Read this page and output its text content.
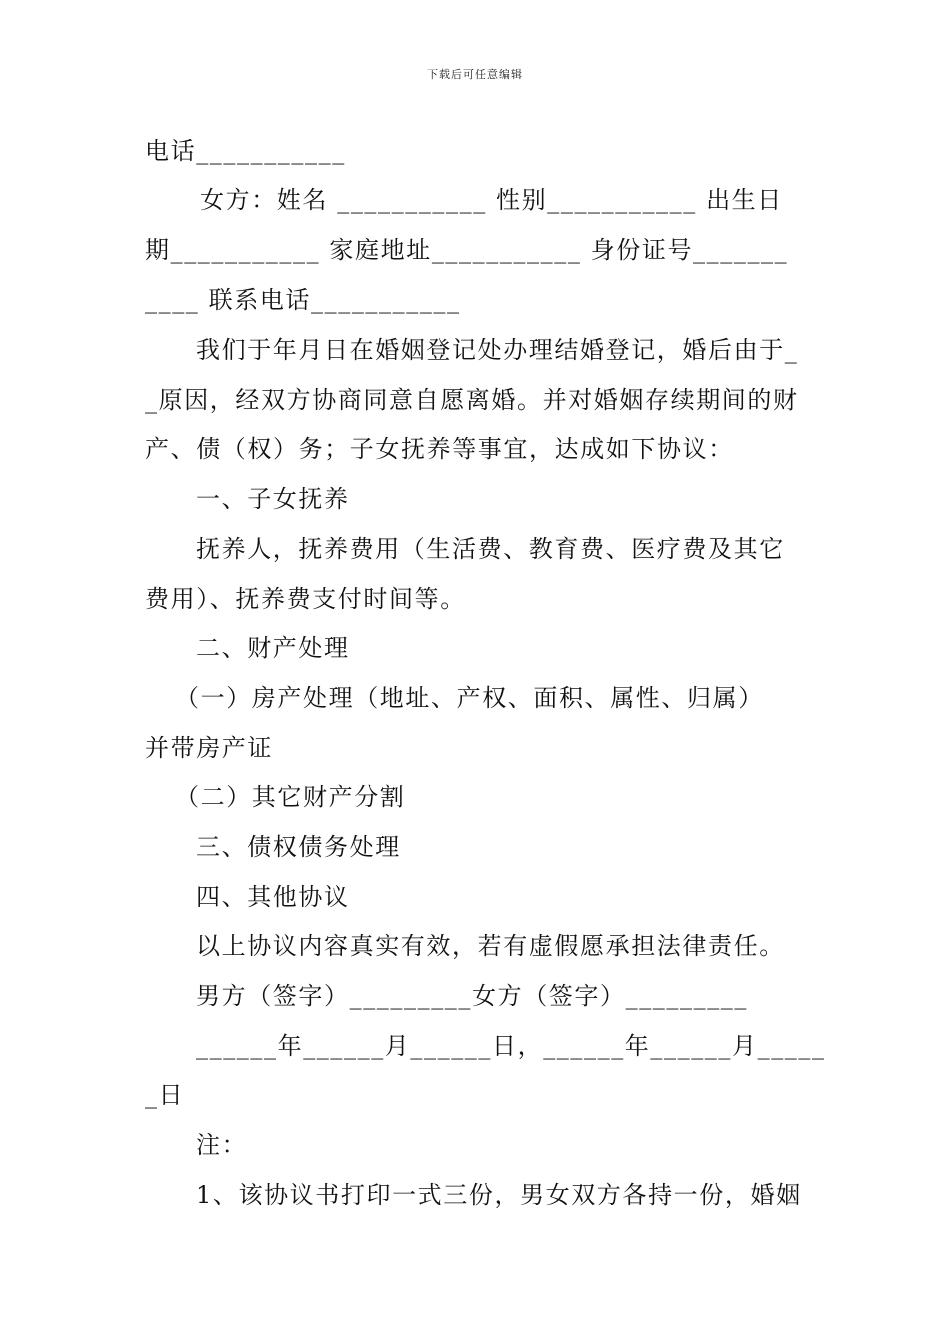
下载后可任意编辑
电话___________
女方：姓名 ___________ 性别___________ 出生日
期___________ 家庭地址___________ 身份证号_______
____ 联系电话___________
我们于年月日在婚姻登记处办理结婚登记，婚后由于_
_原因，经双方协商同意自愿离婚。并对婚姻存续期间的财
产、债（权）务；子女抚养等事宜，达成如下协议：
一、子女抚养
抚养人，抚养费用（生活费、教育费、医疗费及其它
费用）、抚养费支付时间等。
二、财产处理
（一）房产处理（地址、产权、面积、属性、归属）
并带房产证
（二）其它财产分割
三、债权债务处理
四、其他协议
以上协议内容真实有效，若有虚假愿承担法律责任。
男方（签字）_________女方（签字）_________
______年______月______日，______年______月_____
_日
注：
1、该协议书打印一式三份，男女双方各持一份，婚姻
